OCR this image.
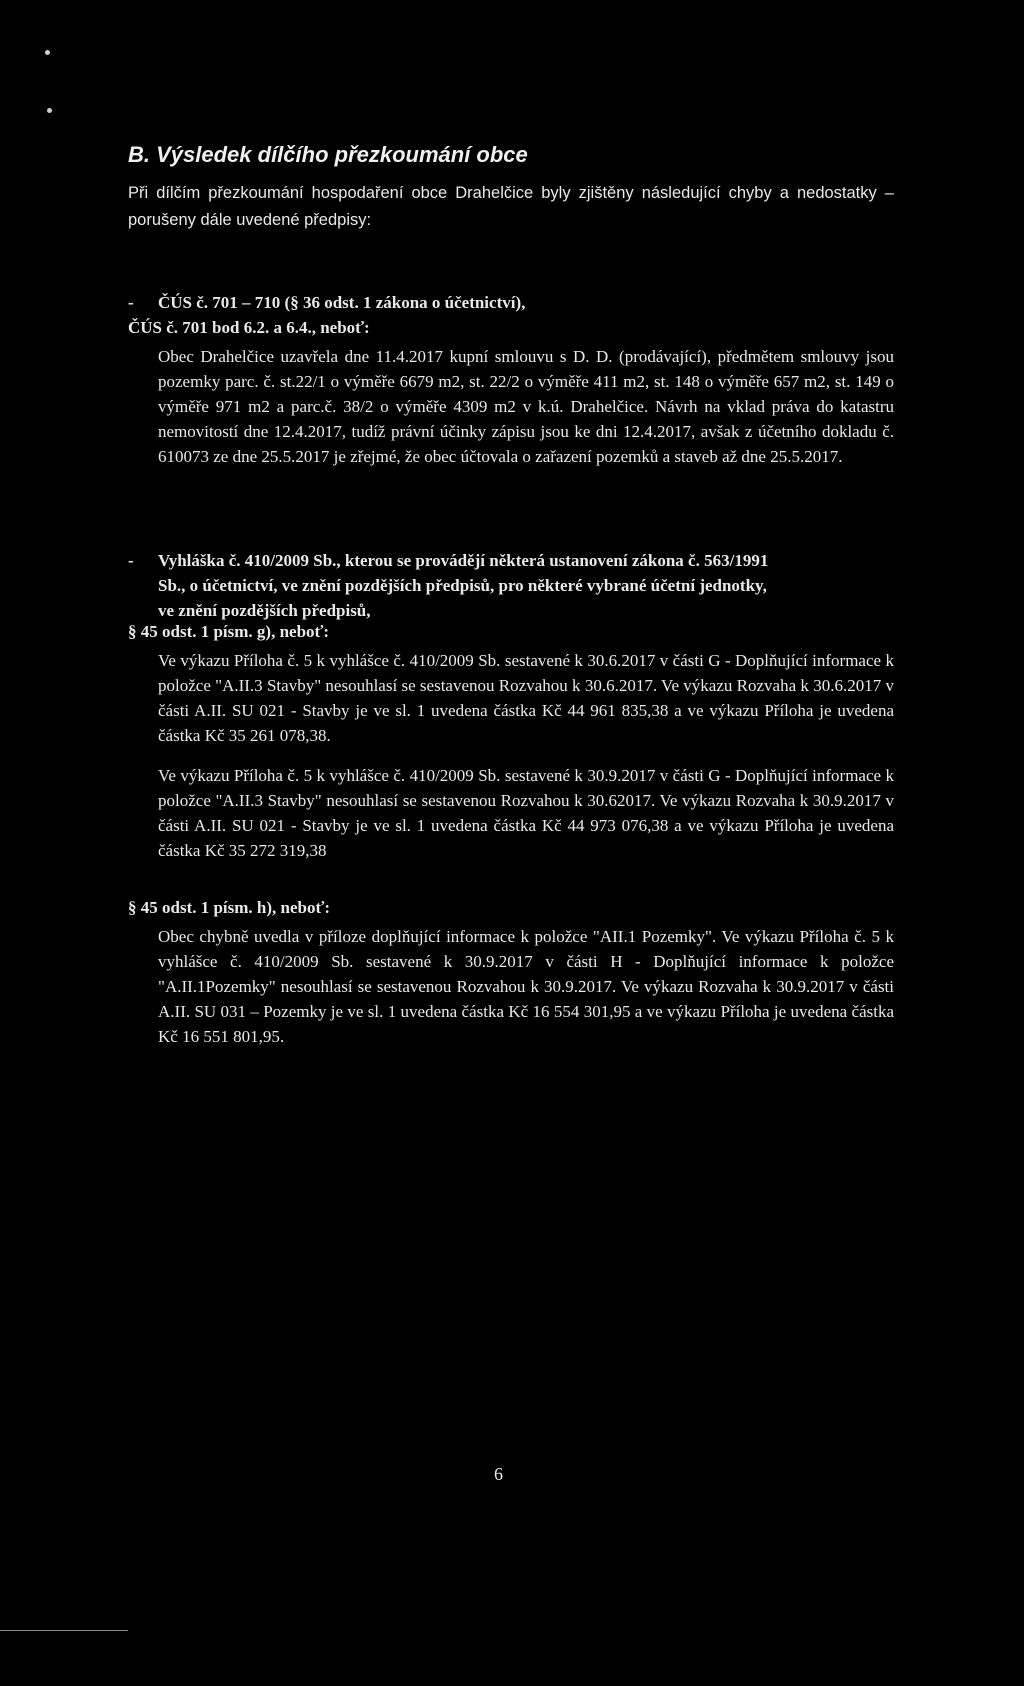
B. Výsledek dílčího přezkoumání obce

Při dílčím přezkoumání hospodaření obce Drahelčice byly zjištěny následující chyby a nedostatky – porušeny dále uvedené předpisy:

- ČÚS č. 701 – 710 (§ 36 odst. 1 zákona o účetnictví),
ČÚS č. 701 bod 6.2. a 6.4., neboť:

Obec Drahelčice uzavřela dne 11.4.2017 kupní smlouvu s D. D. (prodávající), předmětem smlouvy jsou pozemky parc. č. st.22/1 o výměře 6679 m2, st. 22/2 o výměře 411 m2, st. 148 o výměře 657 m2, st. 149 o výměře 971 m2 a parc.č. 38/2 o výměře 4309 m2 v k.ú. Drahelčice. Návrh na vklad práva do katastru nemovitostí dne 12.4.2017, tudíž právní účinky zápisu jsou ke dni 12.4.2017, avšak z účetního dokladu č. 610073 ze dne 25.5.2017 je zřejmé, že obec účtovala o zařazení pozemků a staveb až dne 25.5.2017.

- Vyhláška č. 410/2009 Sb., kterou se provádějí některá ustanovení zákona č. 563/1991
Sb., o účetnictví, ve znění pozdějších předpisů, pro některé vybrané účetní jednotky,
ve znění pozdějších předpisů,

§ 45 odst. 1 písm. g), neboť:

Ve výkazu Příloha č. 5 k vyhlášce č. 410/2009 Sb. sestavené k 30.6.2017 v části G - Doplňující informace k položce "A.II.3 Stavby" nesouhlasí se sestavenou Rozvahou k 30.6.2017. Ve výkazu Rozvaha k 30.6.2017 v části A.II. SU 021 - Stavby je ve sl. 1 uvedena částka Kč 44 961 835,38 a ve výkazu Příloha je uvedena částka Kč 35 261 078,38.

Ve výkazu Příloha č. 5 k vyhlášce č. 410/2009 Sb. sestavené k 30.9.2017 v části G - Doplňující informace k položce "A.II.3 Stavby" nesouhlasí se sestavenou Rozvahou k 30.62017. Ve výkazu Rozvaha k 30.9.2017 v části A.II. SU 021 - Stavby je ve sl. 1 uvedena částka Kč 44 973 076,38 a ve výkazu Příloha je uvedena částka Kč 35 272 319,38

§ 45 odst. 1 písm. h), neboť:

Obec chybně uvedla v příloze doplňující informace k položce "AII.1 Pozemky". Ve výkazu Příloha č. 5 k vyhlášce č. 410/2009 Sb. sestavené k 30.9.2017 v části H - Doplňující informace k položce "A.II.1Pozemky" nesouhlasí se sestavenou Rozvahou k 30.9.2017. Ve výkazu Rozvaha k 30.9.2017 v části A.II. SU 031 – Pozemky je ve sl. 1 uvedena částka Kč 16 554 301,95 a ve výkazu Příloha je uvedena částka Kč 16 551 801,95.

6
